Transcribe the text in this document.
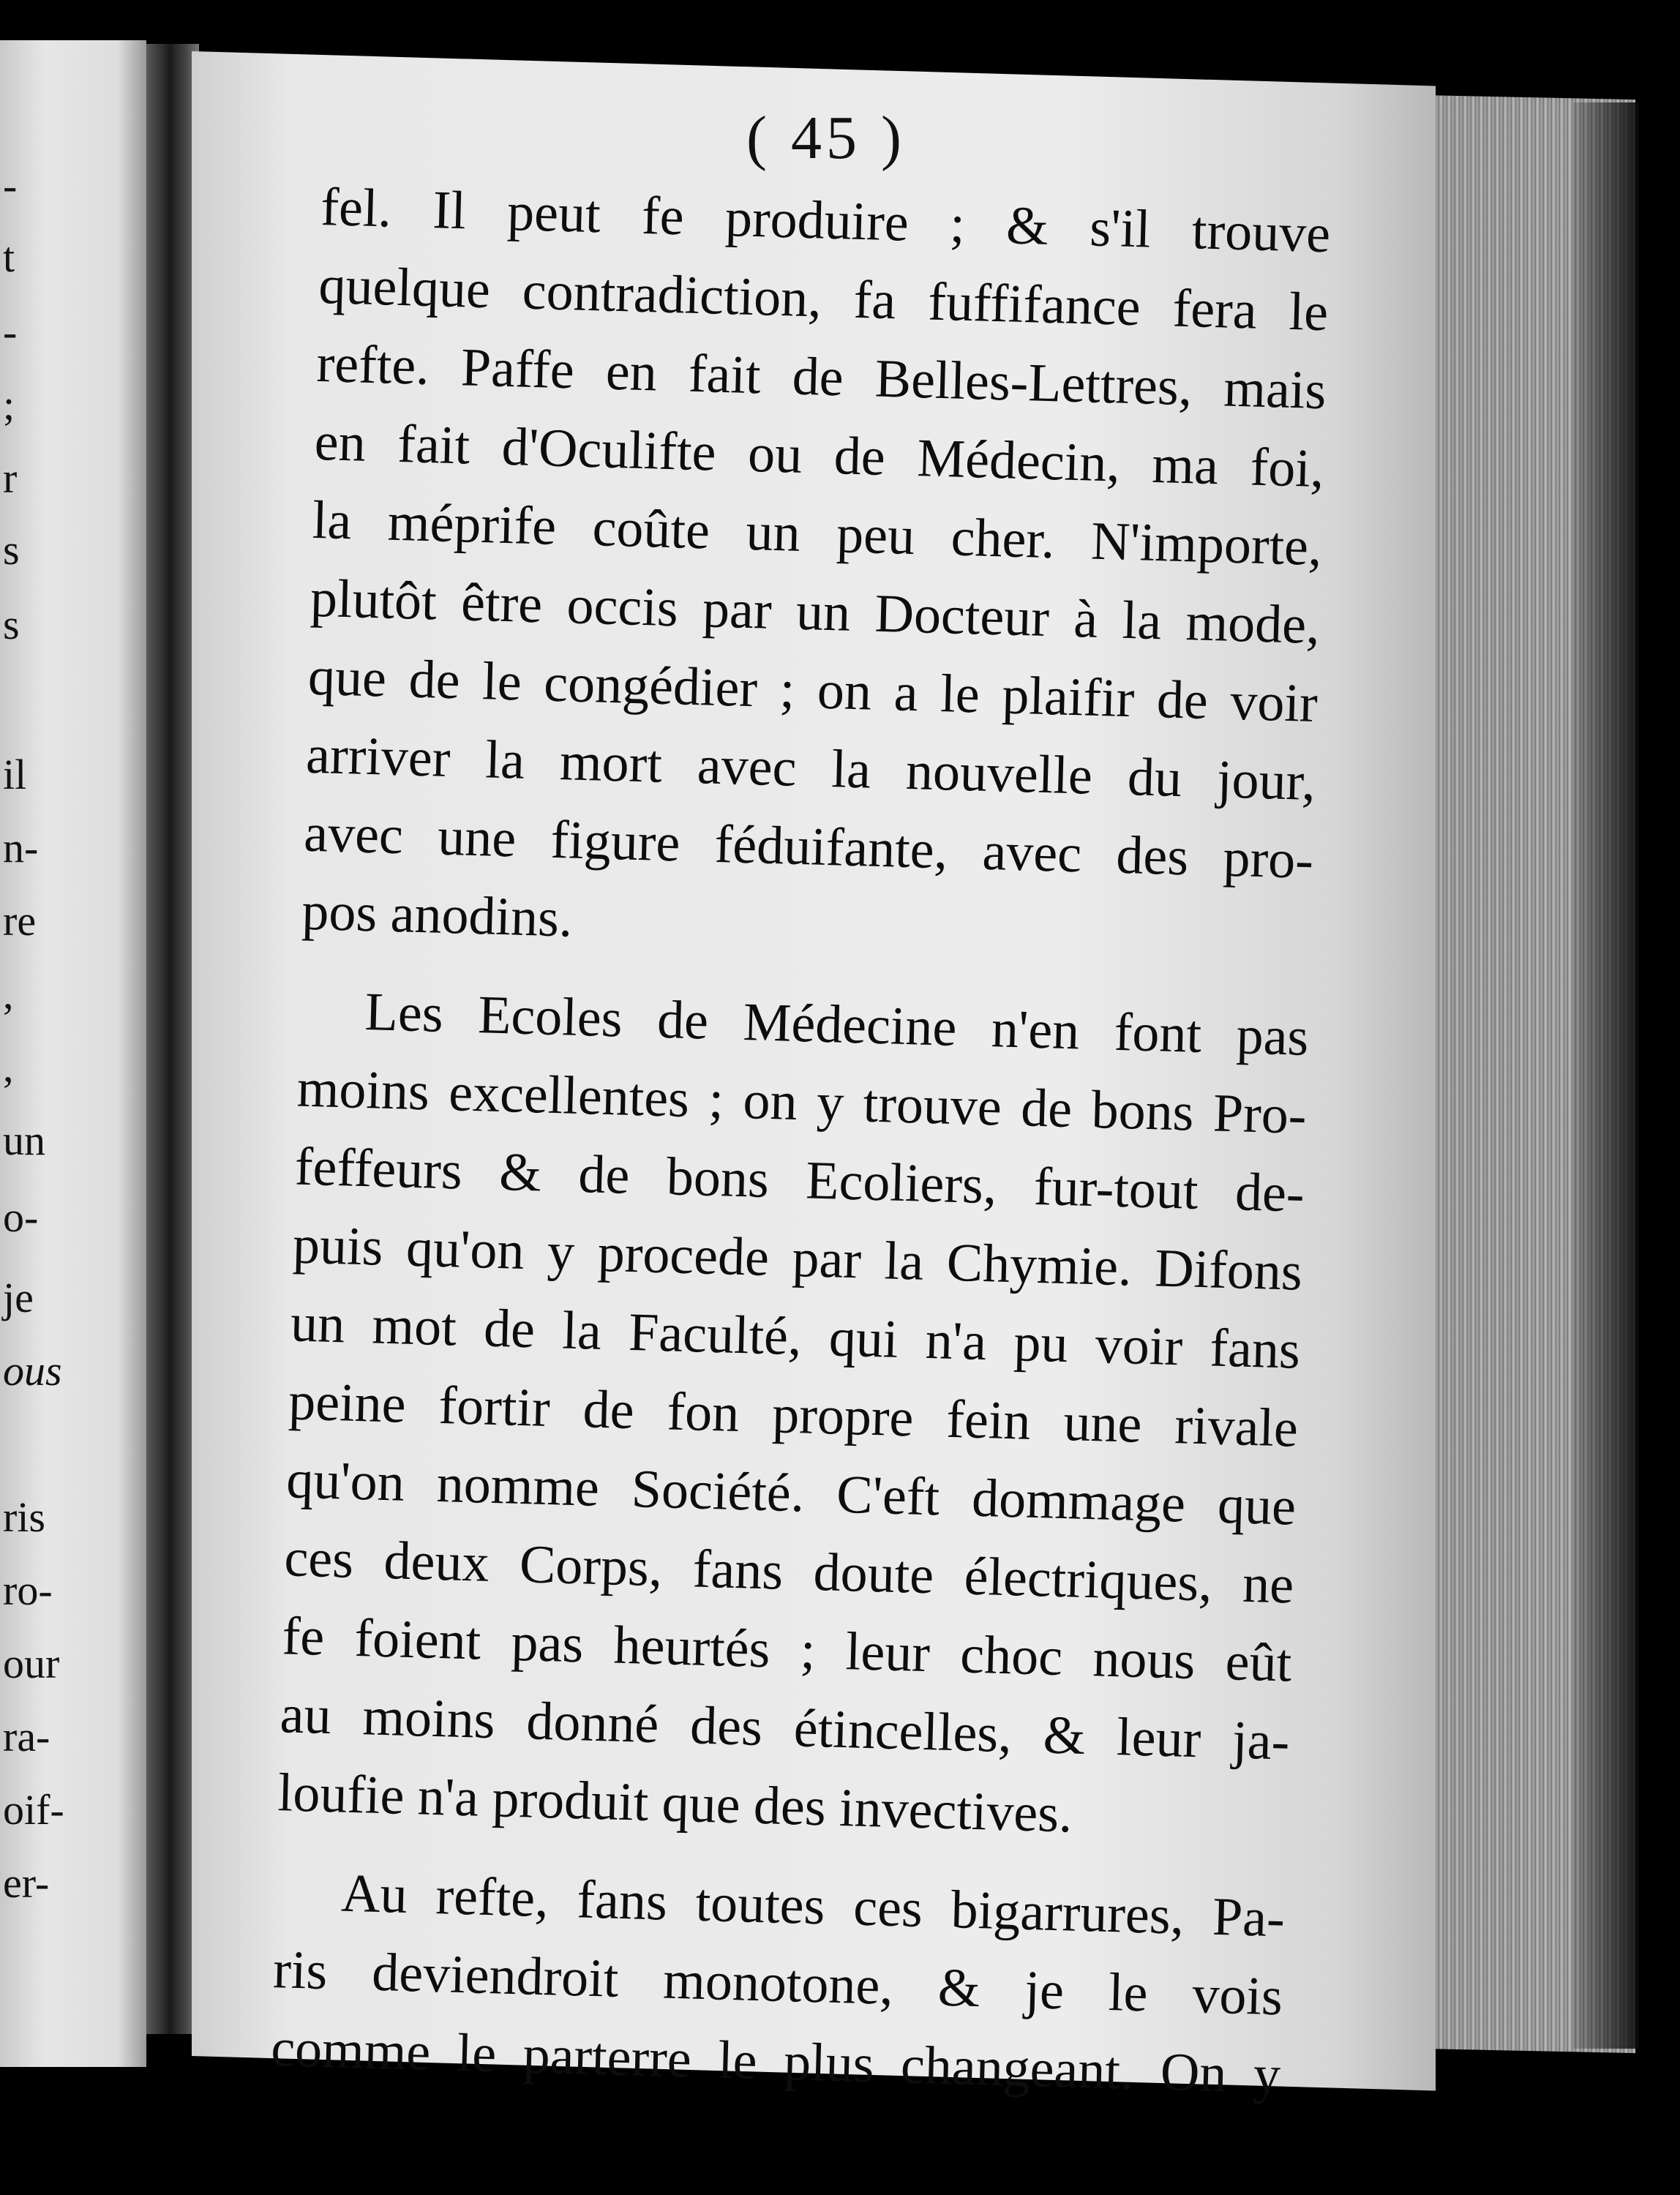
-
t
-
;
r
s
s
il
n-
re
,
,
un
o-
je
ous
ris
ro-
our
ra-
oif-
er-
( 45 )
fel. Il peut fe produire ; & s'il trouve
quelque contradiction, fa fuffifance fera le
refte. Paffe en fait de Belles-Lettres, mais
en fait d'Oculifte ou de Médecin, ma foi,
la méprife coûte un peu cher. N'importe,
plutôt être occis par un Docteur à la mode,
que de le congédier ; on a le plaifir de voir
arriver la mort avec la nouvelle du jour,
avec une figure féduifante, avec des pro-
pos anodins.
Les Ecoles de Médecine n'en font pas
moins excellentes ; on y trouve de bons Pro-
feffeurs & de bons Ecoliers, fur-tout de-
puis qu'on y procede par la Chymie. Difons
un mot de la Faculté, qui n'a pu voir fans
peine fortir de fon propre fein une rivale
qu'on nomme Société. C'eft dommage que
ces deux Corps, fans doute électriques, ne
fe foient pas heurtés ; leur choc nous eût
au moins donné des étincelles, & leur ja-
loufie n'a produit que des invectives.
Au refte, fans toutes ces bigarrures, Pa-
ris deviendroit monotone, & je le vois
comme le parterre le plus changeant. On y
